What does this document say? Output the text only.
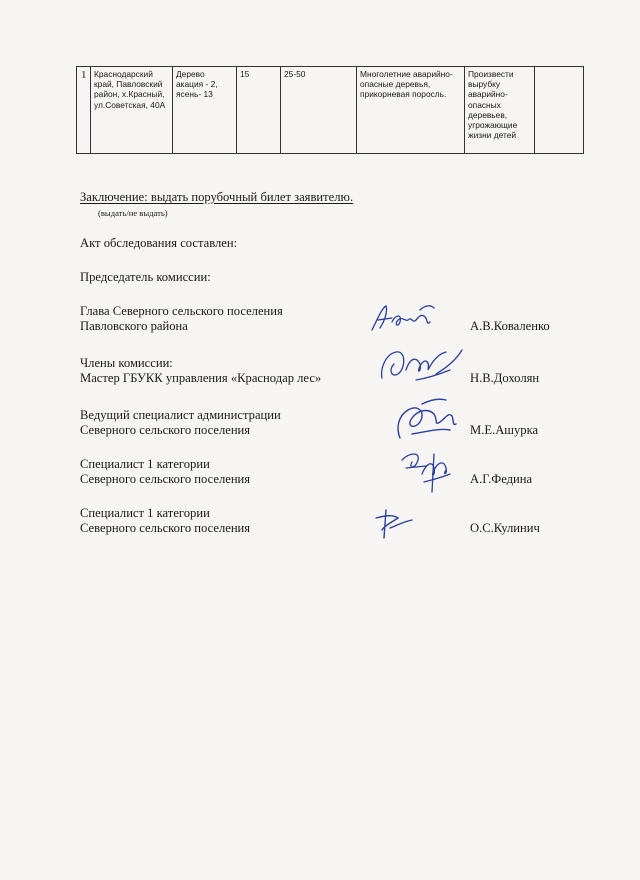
1	Краснодарский край, Павловский район, х.Красный, ул.Советская, 40А	Дерево акация - 2, ясень- 13	15	25-50	Многолетние аварийно-опасные деревья, прикорневая поросль.	Произвести вырубку аварийно-опасных деревьев, угрожающие жизни детей	
Заключение: выдать порубочный билет заявителю.
(выдать/не выдать)
Акт обследования составлен:
Председатель комиссии:
Глава Северного сельского поселения
Павловского района	А.В.Коваленко
Члены комиссии:
Мастер ГБУКК управления «Краснодар лес»	Н.В.Дохолян
Ведущий специалист администрации
Северного сельского поселения	М.Е.Ашурка
Специалист 1 категории
Северного сельского поселения	А.Г.Федина
Специалист 1 категории
Северного сельского поселения	О.С.Кулинич
